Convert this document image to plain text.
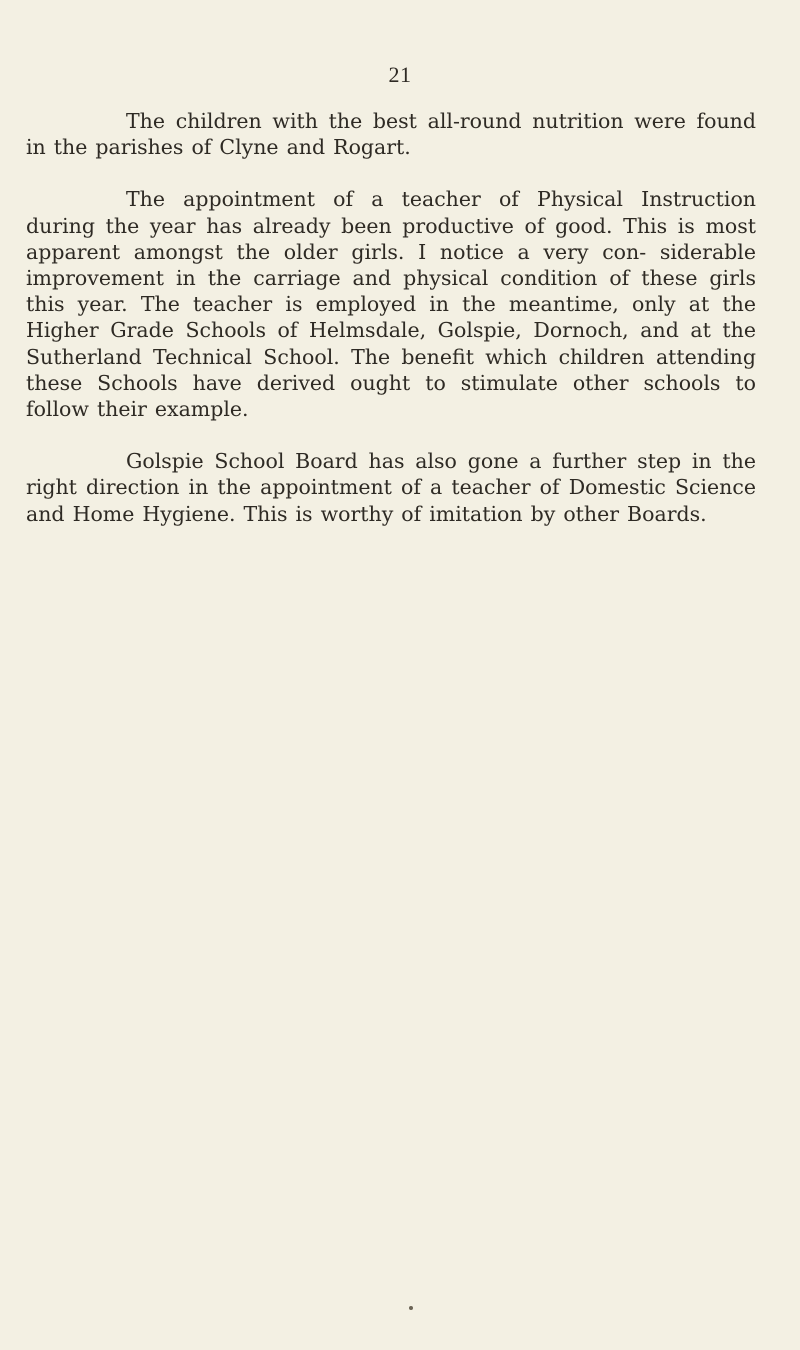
21

The children with the best all-round nutrition were found in the parishes of Clyne and Rogart.

The appointment of a teacher of Physical Instruction during the year has already been productive of good. This is most apparent amongst the older girls. I notice a very con- siderable improvement in the carriage and physical condition of these girls this year. The teacher is employed in the meantime, only at the Higher Grade Schools of Helmsdale, Golspie, Dornoch, and at the Sutherland Technical School. The benefit which children attending these Schools have derived ought to stimulate other schools to follow their example.

Golspie School Board has also gone a further step in the right direction in the appointment of a teacher of Domestic Science and Home Hygiene. This is worthy of imitation by other Boards.
